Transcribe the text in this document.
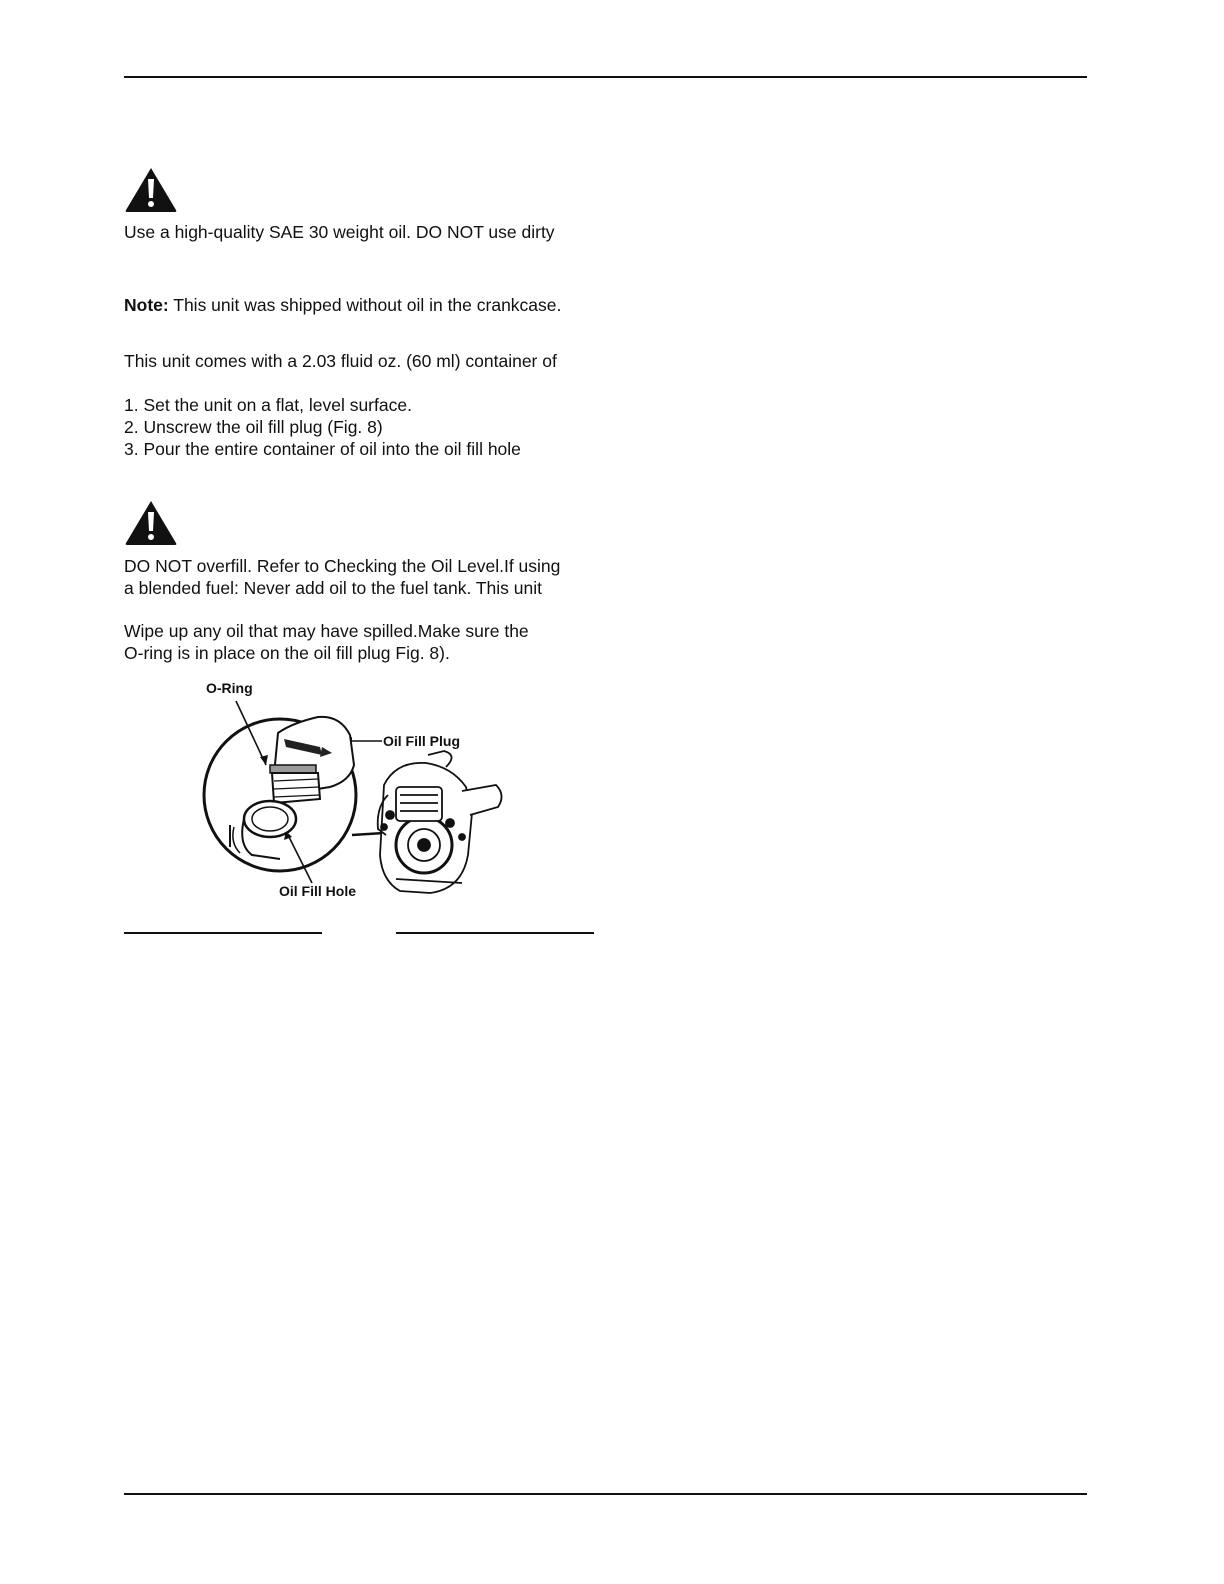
Use a high-quality SAE 30 weight oil. DO NOT use dirty
Note: This unit was shipped without oil in the crankcase.
This unit comes with a 2.03 fluid oz. (60 ml) container of
1. Set the unit on a flat, level surface.
2. Unscrew the oil fill plug (Fig. 8)
3. Pour the entire container of oil into the oil fill hole
DO NOT overfill. Refer to Checking the Oil Level.If using
a blended fuel: Never add oil to the fuel tank. This unit
Wipe up any oil that may have spilled.Make sure the
O-ring is in place on the oil fill plug Fig. 8).
O-Ring
Oil Fill Plug
Oil Fill Hole
